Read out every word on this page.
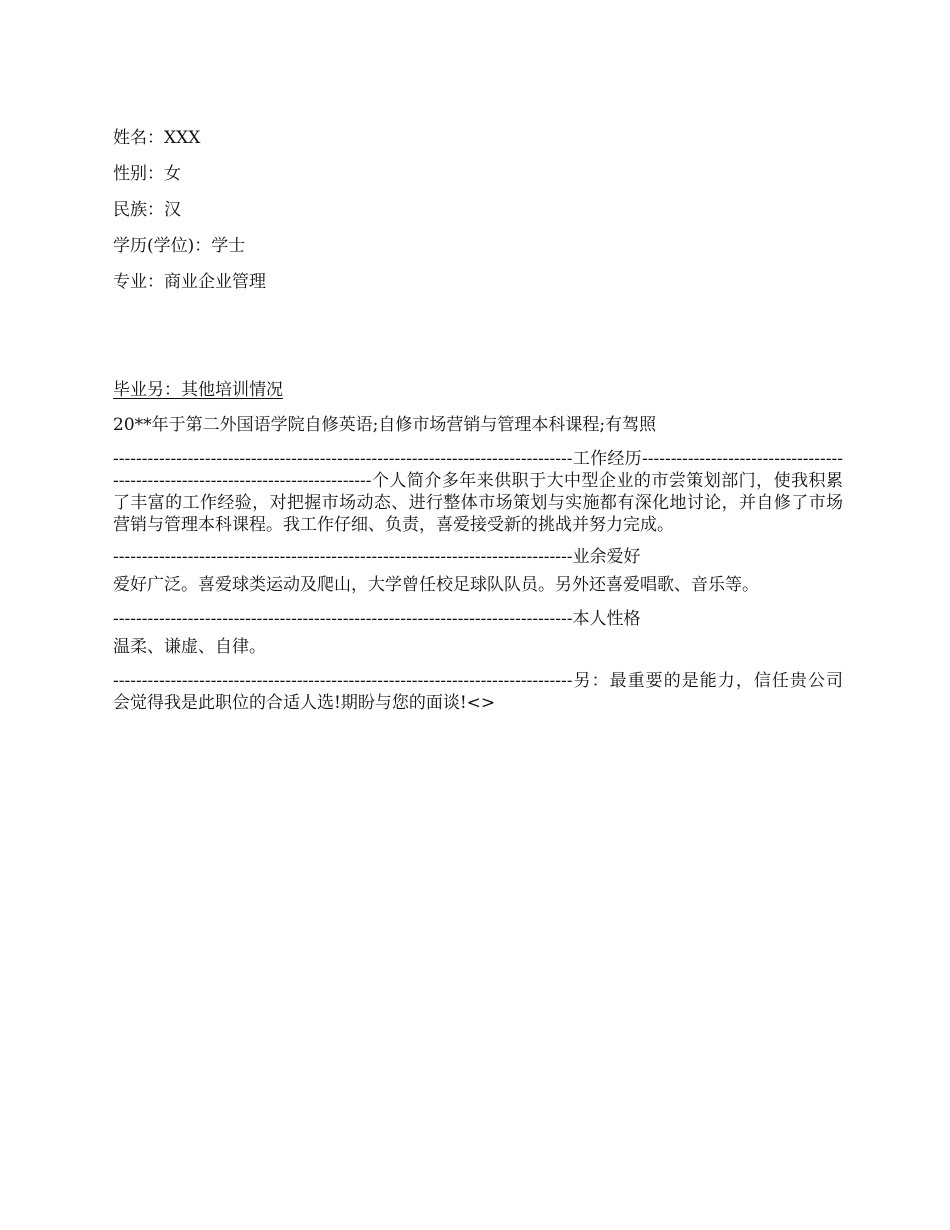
姓名：XXX
性别：女
民族：汉
学历(学位)：学士
专业：商业企业管理
毕业另：其他培训情况
20**年于第二外国语学院自修英语;自修市场营销与管理本科课程;有驾照
--------------------------------------------------------------------------------工作经历--------------------------------------------------------------------------------个人简介多年来供职于大中型企业的市尝策划部门，使我积累了丰富的工作经验，对把握市场动态、进行整体市场策划与实施都有深化地讨论，并自修了市场营销与管理本科课程。我工作仔细、负责，喜爱接受新的挑战并努力完成。
--------------------------------------------------------------------------------业余爱好
爱好广泛。喜爱球类运动及爬山，大学曾任校足球队队员。另外还喜爱唱歌、音乐等。
--------------------------------------------------------------------------------本人性格
温柔、谦虚、自律。
--------------------------------------------------------------------------------另：最重要的是能力，信任贵公司会觉得我是此职位的合适人选!期盼与您的面谈!<>
